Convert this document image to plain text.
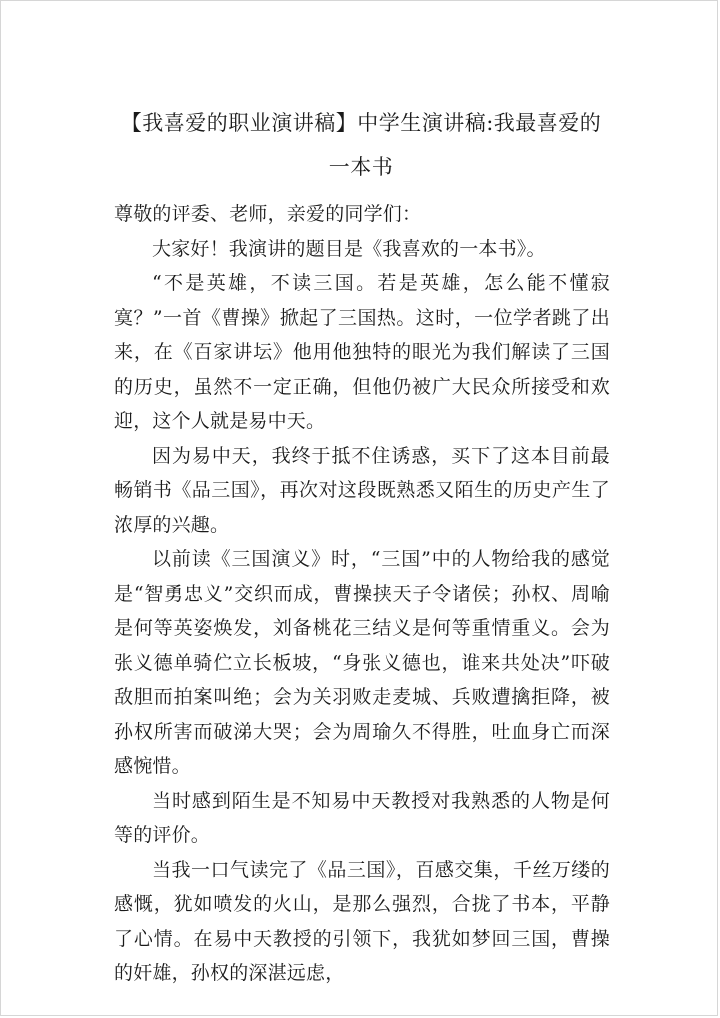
【我喜爱的职业演讲稿】中学生演讲稿:我最喜爱的一本书

尊敬的评委、老师，亲爱的同学们：

大家好！我演讲的题目是《我喜欢的一本书》。

“不是英雄，不读三国。若是英雄，怎么能不懂寂寞？”一首《曹操》掀起了三国热。这时，一位学者跳了出来，在《百家讲坛》他用他独特的眼光为我们解读了三国的历史，虽然不一定正确，但他仍被广大民众所接受和欢迎，这个人就是易中天。

因为易中天，我终于抵不住诱惑，买下了这本目前最畅销书《品三国》，再次对这段既熟悉又陌生的历史产生了浓厚的兴趣。

以前读《三国演义》时，“三国”中的人物给我的感觉是“智勇忠义”交织而成，曹操挟天子令诸侯；孙权、周喻是何等英姿焕发，刘备桃花三结义是何等重情重义。会为张义德单骑伫立长板坡，“身张义德也，谁来共处决”吓破敌胆而拍案叫绝；会为关羽败走麦城、兵败遭擒拒降，被孙权所害而破涕大哭；会为周瑜久不得胜，吐血身亡而深感惋惜。

当时感到陌生是不知易中天教授对我熟悉的人物是何等的评价。

当我一口气读完了《品三国》，百感交集，千丝万缕的感慨，犹如喷发的火山，是那么强烈，合拢了书本，平静了心情。在易中天教授的引领下，我犹如梦回三国，曹操的奸雄，孙权的深湛远虑，
